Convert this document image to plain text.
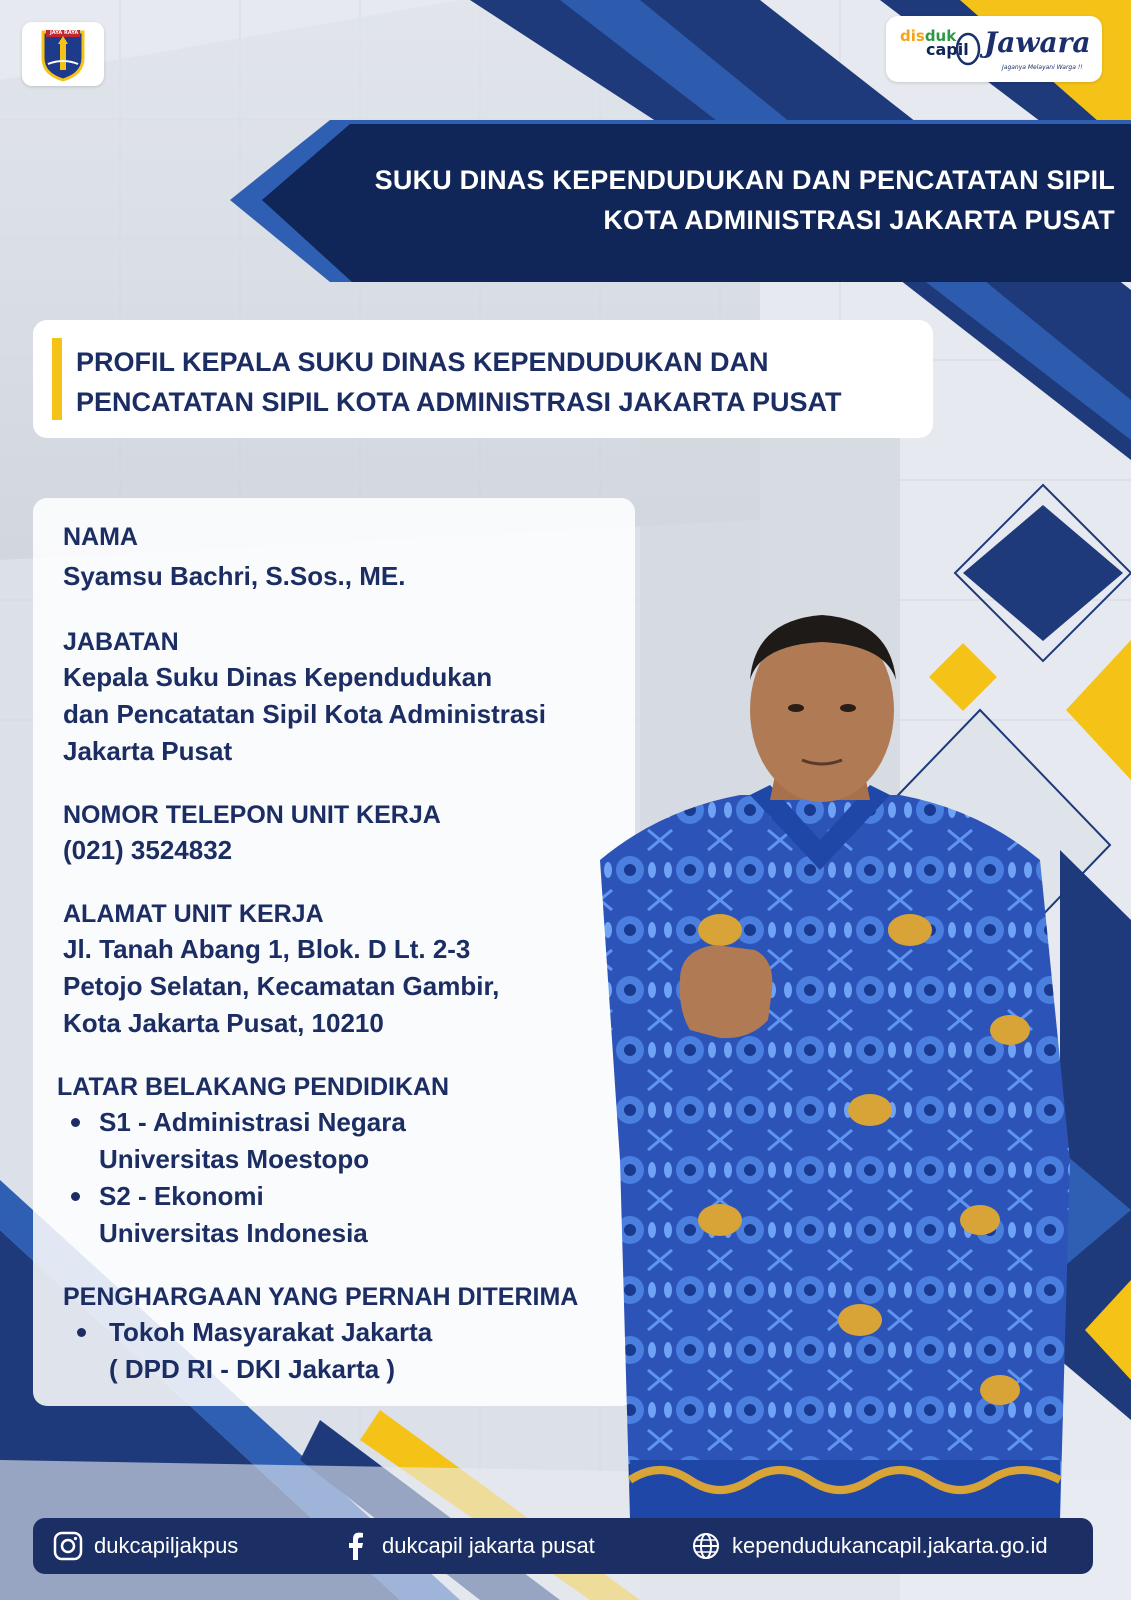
JAYA RAYA	disduk
capil Jawara
Jaganya Melayani Warga !!
SUKU DINAS KEPENDUDUKAN DAN PENCATATAN SIPIL
KOTA ADMINISTRASI JAKARTA PUSAT
PROFIL KEPALA SUKU DINAS KEPENDUDUKAN DAN
PENCATATAN SIPIL KOTA ADMINISTRASI JAKARTA PUSAT
NAMA
Syamsu Bachri, S.Sos., ME.
JABATAN
Kepala Suku Dinas Kependudukan
dan Pencatatan Sipil Kota Administrasi
Jakarta Pusat
NOMOR TELEPON UNIT KERJA
(021) 3524832
ALAMAT UNIT KERJA
Jl. Tanah Abang 1, Blok. D Lt. 2-3
Petojo Selatan, Kecamatan Gambir,
Kota Jakarta Pusat, 10210
LATAR BELAKANG PENDIDIKAN
S1 - Administrasi Negara
Universitas Moestopo
S2 - Ekonomi
Universitas Indonesia
PENGHARGAAN YANG PERNAH DITERIMA
Tokoh Masyarakat Jakarta
( DPD RI - DKI Jakarta )
dukcapiljakpus	dukcapil jakarta pusat	kependudukancapil.jakarta.go.id
